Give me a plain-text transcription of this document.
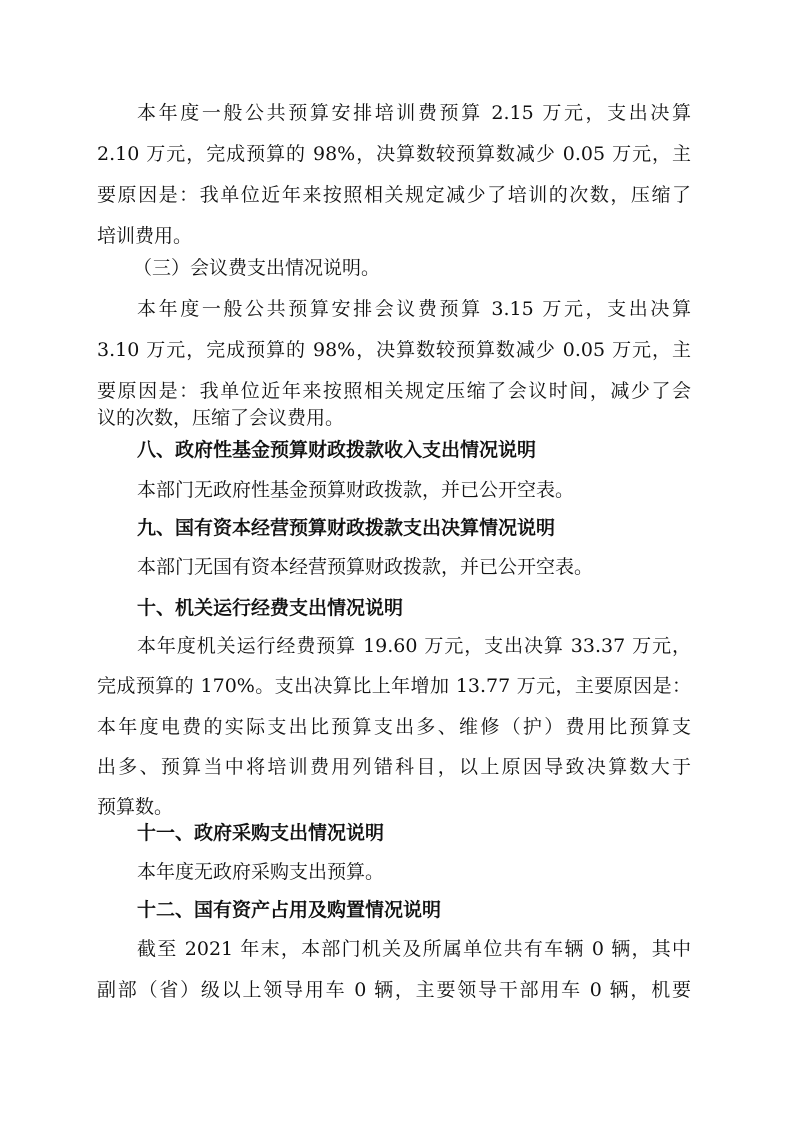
本年度一般公共预算安排培训费预算 2.15 万元，支出决算
2.10 万元，完成预算的 98%，决算数较预算数减少 0.05 万元，主
要原因是：我单位近年来按照相关规定减少了培训的次数，压缩了
培训费用。
（三）会议费支出情况说明。
本年度一般公共预算安排会议费预算 3.15 万元，支出决算
3.10 万元，完成预算的 98%，决算数较预算数减少 0.05 万元，主
要原因是：我单位近年来按照相关规定压缩了会议时间，减少了会
议的次数，压缩了会议费用。
八、政府性基金预算财政拨款收入支出情况说明
本部门无政府性基金预算财政拨款，并已公开空表。
九、国有资本经营预算财政拨款支出决算情况说明
本部门无国有资本经营预算财政拨款，并已公开空表。
十、机关运行经费支出情况说明
本年度机关运行经费预算 19.60 万元，支出决算 33.37 万元，
完成预算的 170%。支出决算比上年增加 13.77 万元，主要原因是：
本年度电费的实际支出比预算支出多、维修（护）费用比预算支
出多、预算当中将培训费用列错科目，以上原因导致决算数大于
预算数。
十一、政府采购支出情况说明
本年度无政府采购支出预算。
十二、国有资产占用及购置情况说明
截至 2021 年末，本部门机关及所属单位共有车辆 0 辆，其中
副部（省）级以上领导用车 0 辆，主要领导干部用车 0 辆，机要
